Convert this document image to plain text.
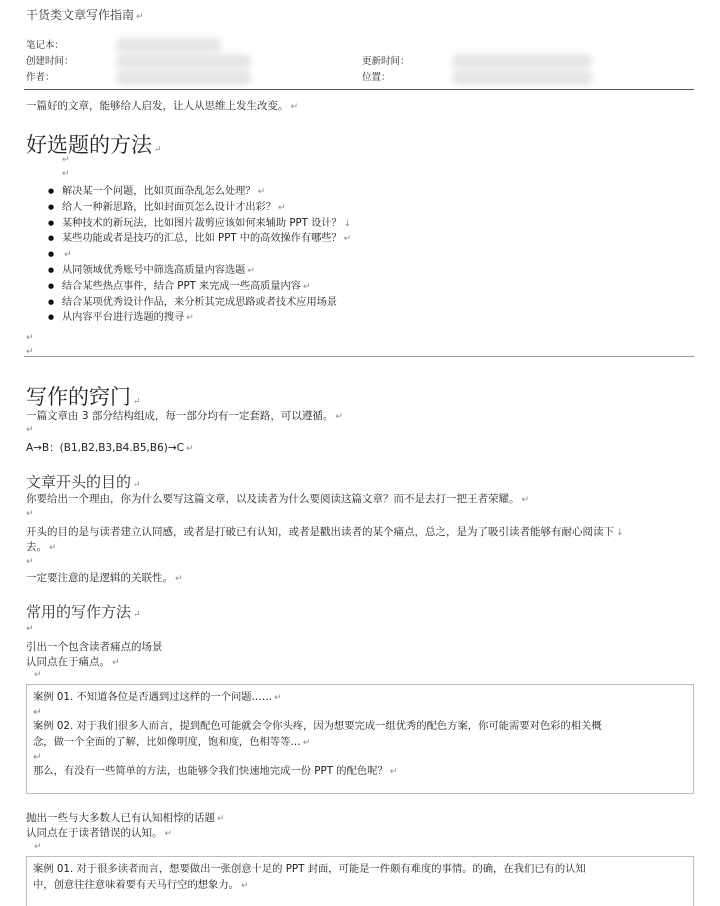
干货类文章写作指南 ↵
笔记本：
创建时间：	更新时间：
作者：	位置：
一篇好的文章，能够给人启发，让人从思维上发生改变。 ↵
好选题的方法 ↵
↵
↵
● 解决某一个问题，比如页面杂乱怎么处理？ ↵
● 给人一种新思路，比如封面页怎么设计才出彩？ ↵
● 某种技术的新玩法，比如图片裁剪应该如何来辅助 PPT 设计？ ↓
● 某些功能或者是技巧的汇总，比如 PPT 中的高效操作有哪些？ ↵
● ↵
● 从同领域优秀账号中筛选高质量内容选题 ↵
● 结合某些热点事件，结合 PPT 来完成一些高质量内容 ↵
● 结合某项优秀设计作品，来分析其完成思路或者技术应用场景
● 从内容平台进行选题的搜寻 ↵
↵
↵
写作的窍门 ↵
一篇文章由 3 部分结构组成，每一部分均有一定套路，可以遵循。 ↵
↵
A→B：(B1,B2,B3,B4.B5,B6)→C ↵
文章开头的目的 ↵
你要给出一个理由，你为什么要写这篇文章，以及读者为什么要阅读这篇文章？而不是去打一把王者荣耀。 ↵
↵
开头的目的是与读者建立认同感，或者是打破已有认知，或者是戳出读者的某个痛点，总之，是为了吸引读者能够有耐心阅读下 ↓
去。 ↵
↵
一定要注意的是逻辑的关联性。 ↵
常用的写作方法 ↵
↵
引出一个包含读者痛点的场景
认同点在于痛点。 ↵
↵

案例 01. 不知道各位是否遇到过这样的一个问题…… ↵

↵

案例 02. 对于我们很多人而言，提到配色可能就会令你头疼，因为想要完成一组优秀的配色方案，你可能需要对色彩的相关概

念，做一个全面的了解，比如像明度，饱和度，色相等等… ↵

↵

那么，有没有一些简单的方法，也能够令我们快速地完成一份 PPT 的配色呢？ ↵

抛出一些与大多数人已有认知相悖的话题 ↵
认同点在于读者错误的认知。 ↵
↵

案例 01. 对于很多读者而言，想要做出一张创意十足的 PPT 封面，可能是一件颇有难度的事情。的确，在我们已有的认知

中，创意往往意味着要有天马行空的想象力。 ↵
